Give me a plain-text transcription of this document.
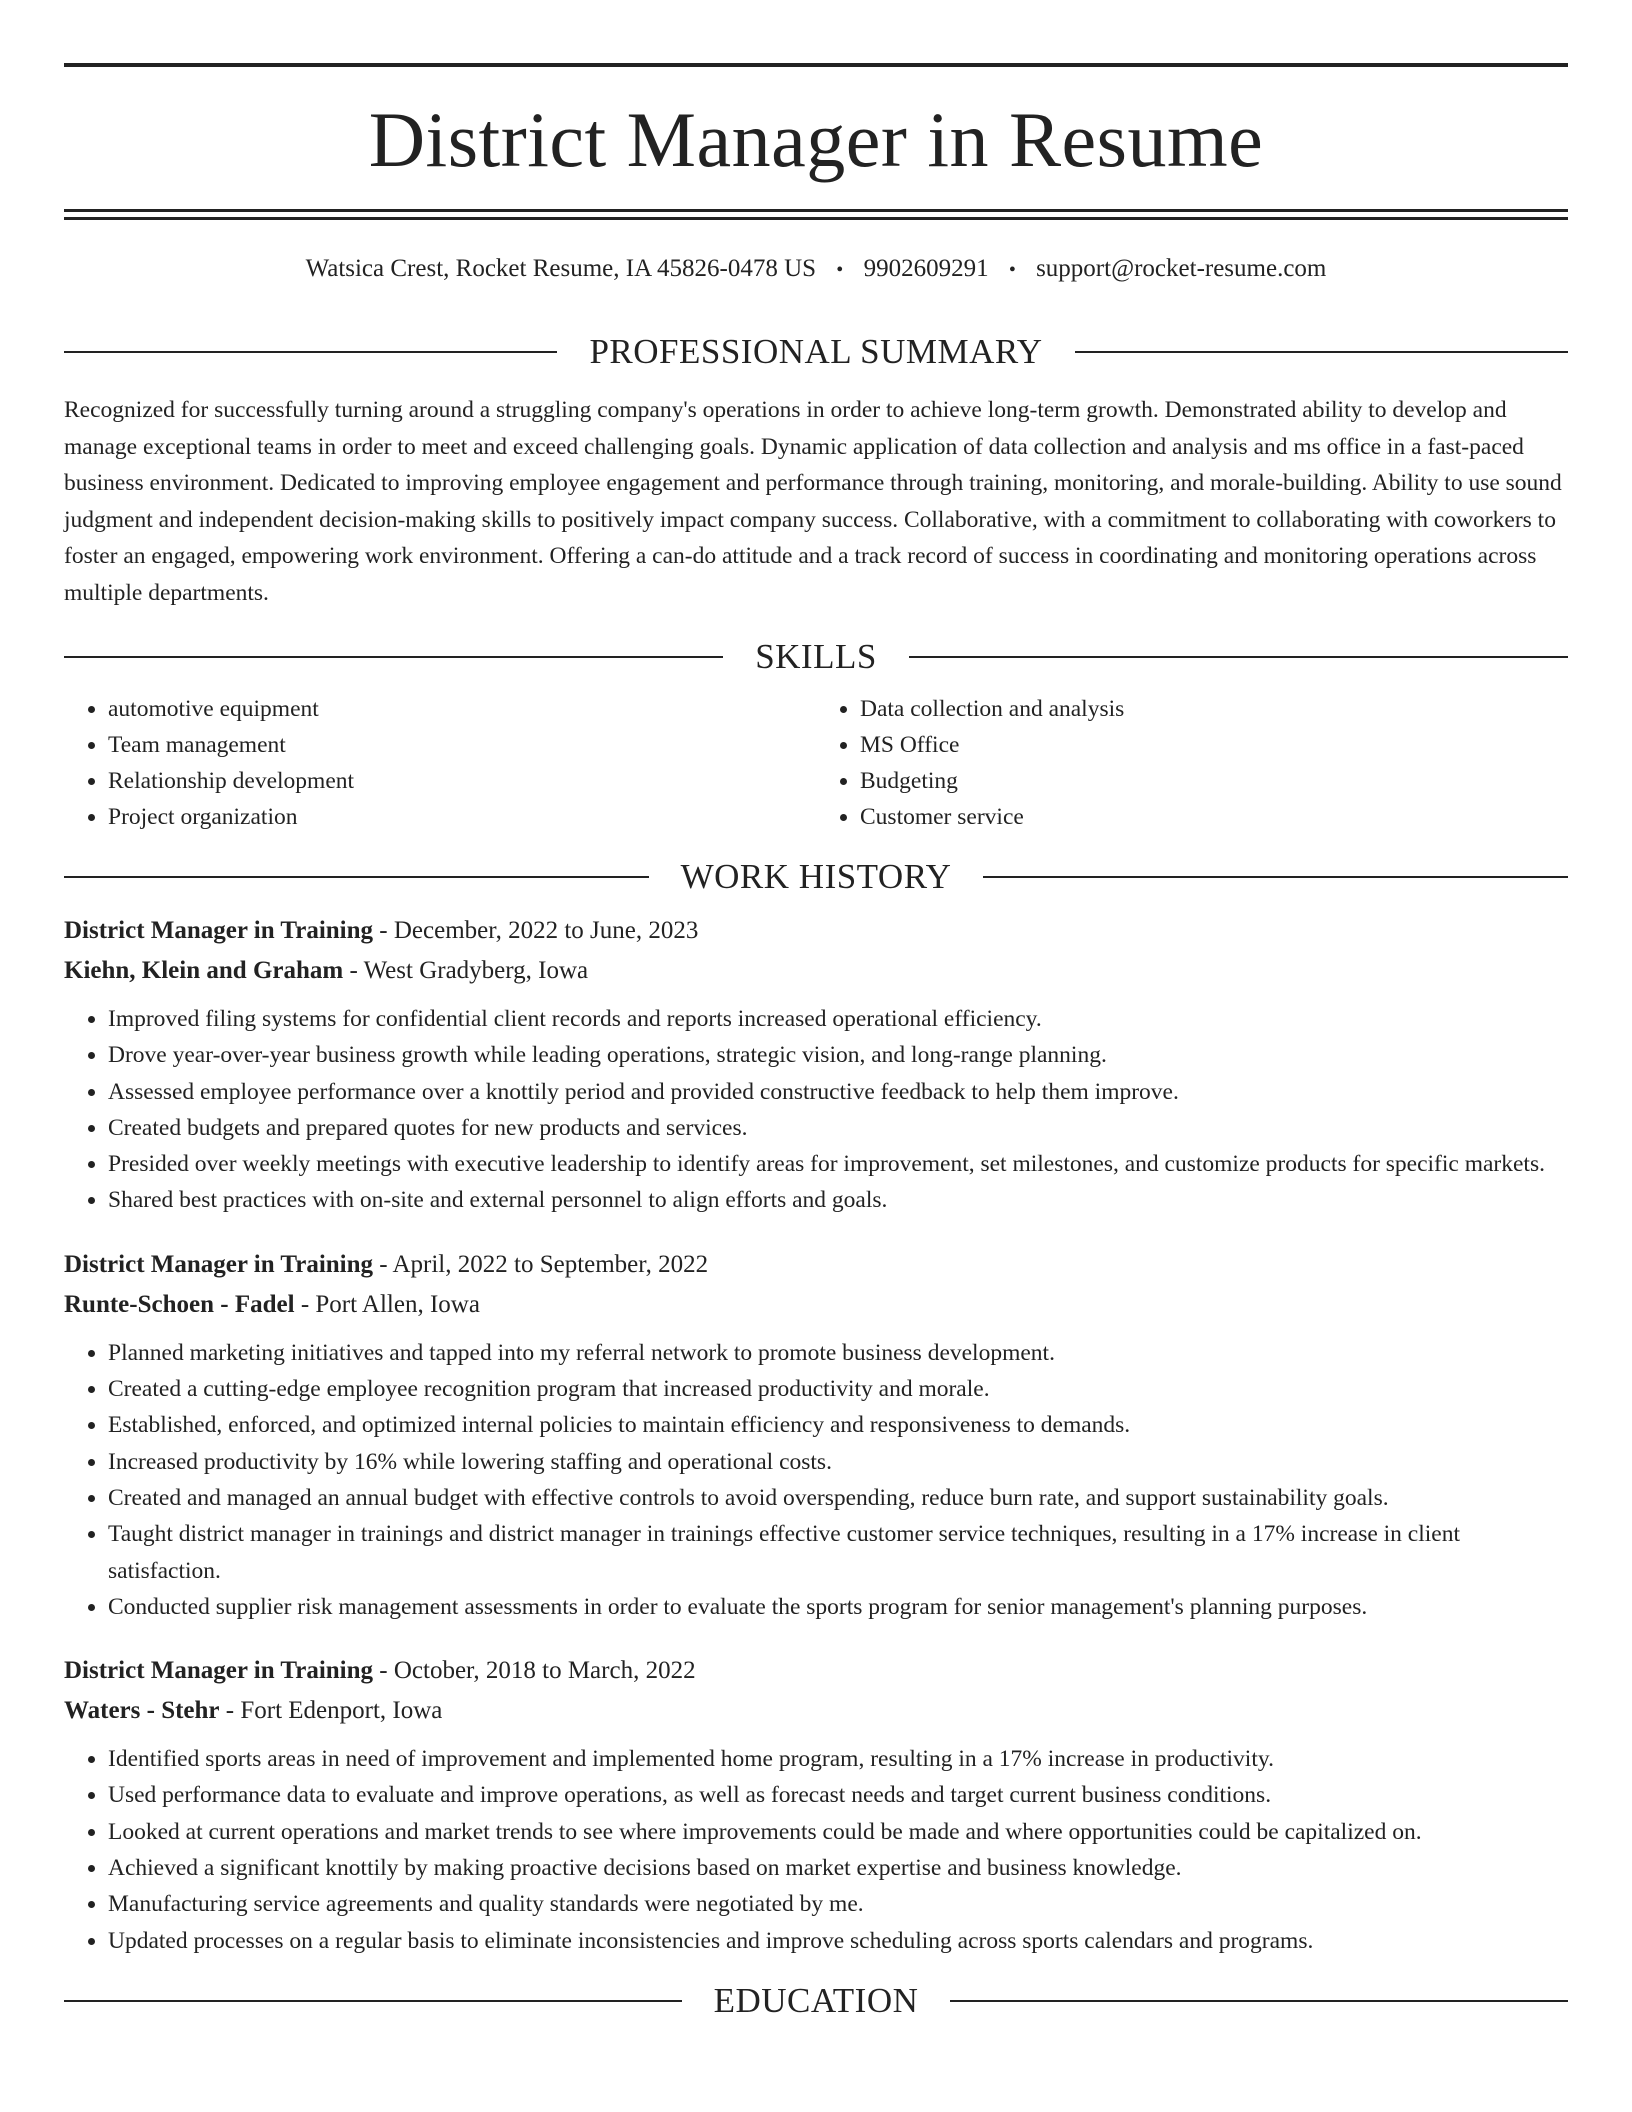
District Manager in Resume
Watsica Crest, Rocket Resume, IA 45826-0478 US • 9902609291 • support@rocket-resume.com
PROFESSIONAL SUMMARY
Recognized for successfully turning around a struggling company's operations in order to achieve long-term growth. Demonstrated ability to develop and manage exceptional teams in order to meet and exceed challenging goals. Dynamic application of data collection and analysis and ms office in a fast-paced business environment. Dedicated to improving employee engagement and performance through training, monitoring, and morale-building. Ability to use sound judgment and independent decision-making skills to positively impact company success. Collaborative, with a commitment to collaborating with coworkers to foster an engaged, empowering work environment. Offering a can-do attitude and a track record of success in coordinating and monitoring operations across multiple departments.
SKILLS
• automotive equipment
• Team management
• Relationship development
• Project organization
• Data collection and analysis
• MS Office
• Budgeting
• Customer service
WORK HISTORY
District Manager in Training - December, 2022 to June, 2023
Kiehn, Klein and Graham - West Gradyberg, Iowa
• Improved filing systems for confidential client records and reports increased operational efficiency.
• Drove year-over-year business growth while leading operations, strategic vision, and long-range planning.
• Assessed employee performance over a knottily period and provided constructive feedback to help them improve.
• Created budgets and prepared quotes for new products and services.
• Presided over weekly meetings with executive leadership to identify areas for improvement, set milestones, and customize products for specific markets.
• Shared best practices with on-site and external personnel to align efforts and goals.
District Manager in Training - April, 2022 to September, 2022
Runte-Schoen - Fadel - Port Allen, Iowa
• Planned marketing initiatives and tapped into my referral network to promote business development.
• Created a cutting-edge employee recognition program that increased productivity and morale.
• Established, enforced, and optimized internal policies to maintain efficiency and responsiveness to demands.
• Increased productivity by 16% while lowering staffing and operational costs.
• Created and managed an annual budget with effective controls to avoid overspending, reduce burn rate, and support sustainability goals.
• Taught district manager in trainings and district manager in trainings effective customer service techniques, resulting in a 17% increase in client satisfaction.
• Conducted supplier risk management assessments in order to evaluate the sports program for senior management's planning purposes.
District Manager in Training - October, 2018 to March, 2022
Waters - Stehr - Fort Edenport, Iowa
• Identified sports areas in need of improvement and implemented home program, resulting in a 17% increase in productivity.
• Used performance data to evaluate and improve operations, as well as forecast needs and target current business conditions.
• Looked at current operations and market trends to see where improvements could be made and where opportunities could be capitalized on.
• Achieved a significant knottily by making proactive decisions based on market expertise and business knowledge.
• Manufacturing service agreements and quality standards were negotiated by me.
• Updated processes on a regular basis to eliminate inconsistencies and improve scheduling across sports calendars and programs.
EDUCATION
